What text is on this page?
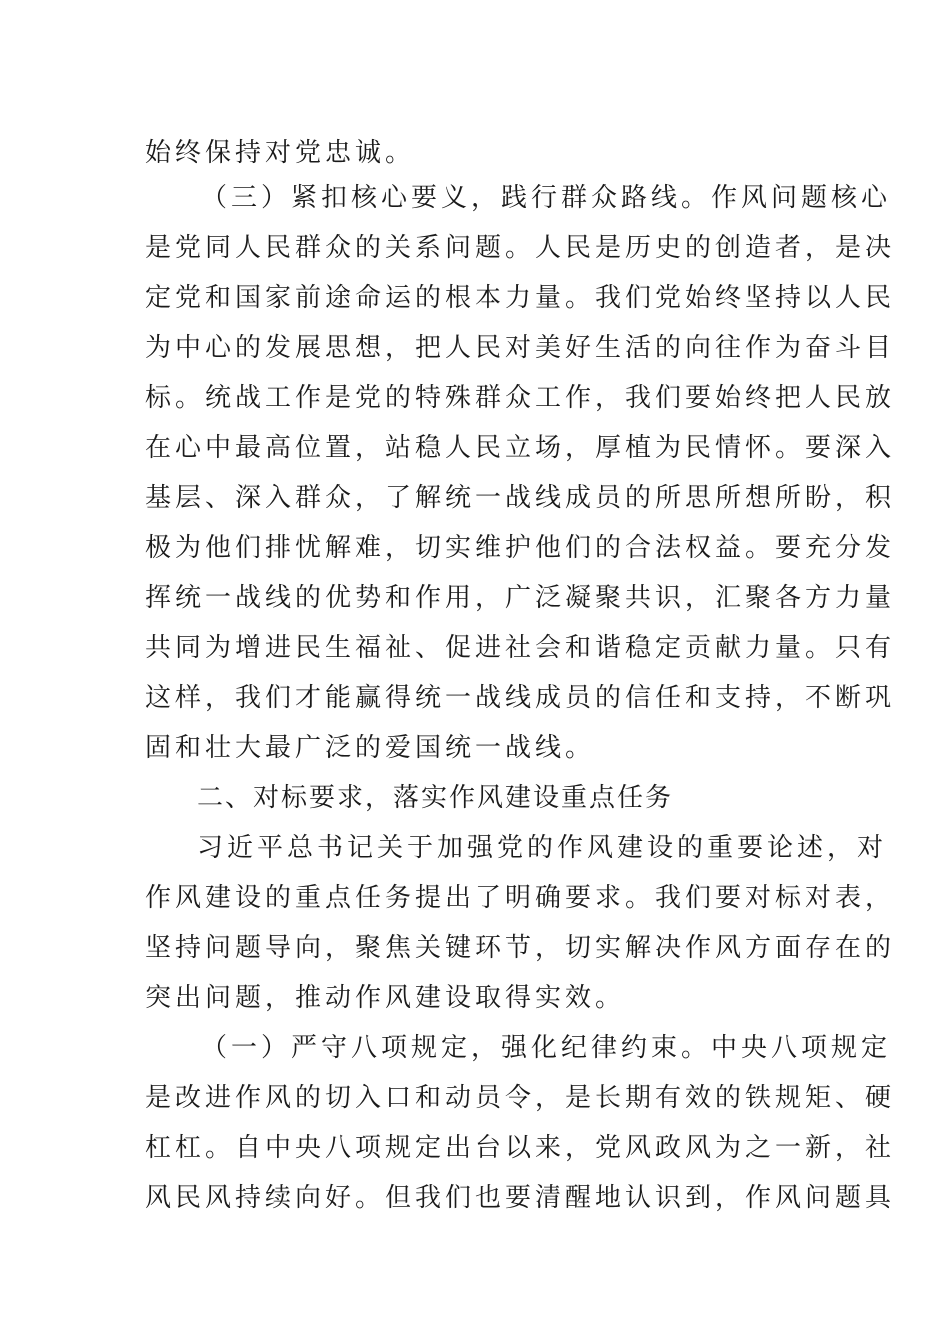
始终保持对党忠诚。
（三）紧扣核心要义，践行群众路线。作风问题核心
是党同人民群众的关系问题。人民是历史的创造者，是决
定党和国家前途命运的根本力量。我们党始终坚持以人民
为中心的发展思想，把人民对美好生活的向往作为奋斗目
标。统战工作是党的特殊群众工作，我们要始终把人民放
在心中最高位置，站稳人民立场，厚植为民情怀。要深入
基层、深入群众，了解统一战线成员的所思所想所盼，积
极为他们排忧解难，切实维护他们的合法权益。要充分发
挥统一战线的优势和作用，广泛凝聚共识，汇聚各方力量
共同为增进民生福祉、促进社会和谐稳定贡献力量。只有
这样，我们才能赢得统一战线成员的信任和支持，不断巩
固和壮大最广泛的爱国统一战线。
二、对标要求，落实作风建设重点任务
习近平总书记关于加强党的作风建设的重要论述，对
作风建设的重点任务提出了明确要求。我们要对标对表，
坚持问题导向，聚焦关键环节，切实解决作风方面存在的
突出问题，推动作风建设取得实效。
（一）严守八项规定，强化纪律约束。中央八项规定
是改进作风的切入口和动员令，是长期有效的铁规矩、硬
杠杠。自中央八项规定出台以来，党风政风为之一新，社
风民风持续向好。但我们也要清醒地认识到，作风问题具
